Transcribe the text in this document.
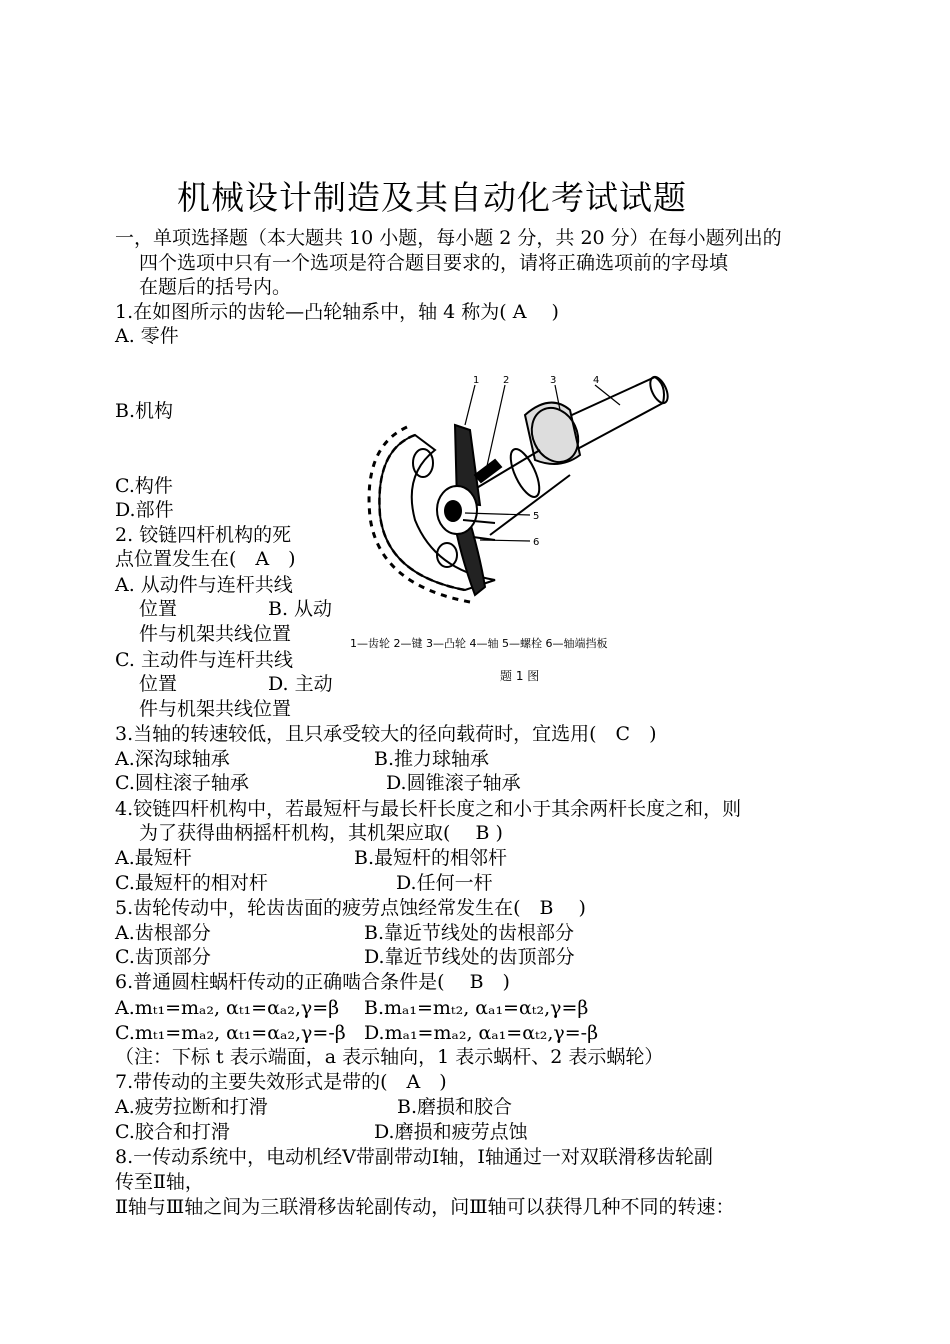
机械设计制造及其自动化考试试题
一，单项选择题（本大题共 10 小题，每小题 2 分，共 20 分）在每小题列出的
四个选项中只有一个选项是符合题目要求的，请将正确选项前的字母填
在题后的括号内。
1.在如图所示的齿轮—凸轮轴系中，轴 4 称为( A　 )
A. 零件
B.机构
C.构件
D.部件
1 2	3	4
5
6
1—齿轮 2—键 3—凸轮 4—轴 5—螺栓 6—轴端挡板
题 1 图
2. 铰链四杆机构的死
点位置发生在(　A　)
A. 从动件与连杆共线
位置	B. 从动
件与机架共线位置
C. 主动件与连杆共线
位置	D. 主动
件与机架共线位置
3.当轴的转速较低，且只承受较大的径向载荷时，宜选用(　C　)
A.深沟球轴承	B.推力球轴承
C.圆柱滚子轴承	D.圆锥滚子轴承
4.铰链四杆机构中，若最短杆与最长杆长度之和小于其余两杆长度之和，则
为了获得曲柄摇杆机构，其机架应取(　 B )
A.最短杆	B.最短杆的相邻杆
C.最短杆的相对杆	D.任何一杆
5.齿轮传动中，轮齿齿面的疲劳点蚀经常发生在(　B　 )
A.齿根部分	B.靠近节线处的齿根部分
C.齿顶部分	D.靠近节线处的齿顶部分
6.普通圆柱蜗杆传动的正确啮合条件是(　 B　)
A.mₜ₁=mₐ₂, αₜ₁=αₐ₂,γ=β B.mₐ₁=mₜ₂, αₐ₁=αₜ₂,γ=β
C.mₜ₁=mₐ₂, αₜ₁=αₐ₂,γ=-β D.mₐ₁=mₐ₂, αₐ₁=αₜ₂,γ=-β
（注：下标 t 表示端面，a 表示轴向，1 表示蜗杆、2 表示蜗轮）
7.带传动的主要失效形式是带的(　A　)
A.疲劳拉断和打滑	B.磨损和胶合
C.胶合和打滑	D.磨损和疲劳点蚀
8.一传动系统中，电动机经V带副带动Ⅰ轴，Ⅰ轴通过一对双联滑移齿轮副
传至Ⅱ轴，
Ⅱ轴与Ⅲ轴之间为三联滑移齿轮副传动，问Ⅲ轴可以获得几种不同的转速：
